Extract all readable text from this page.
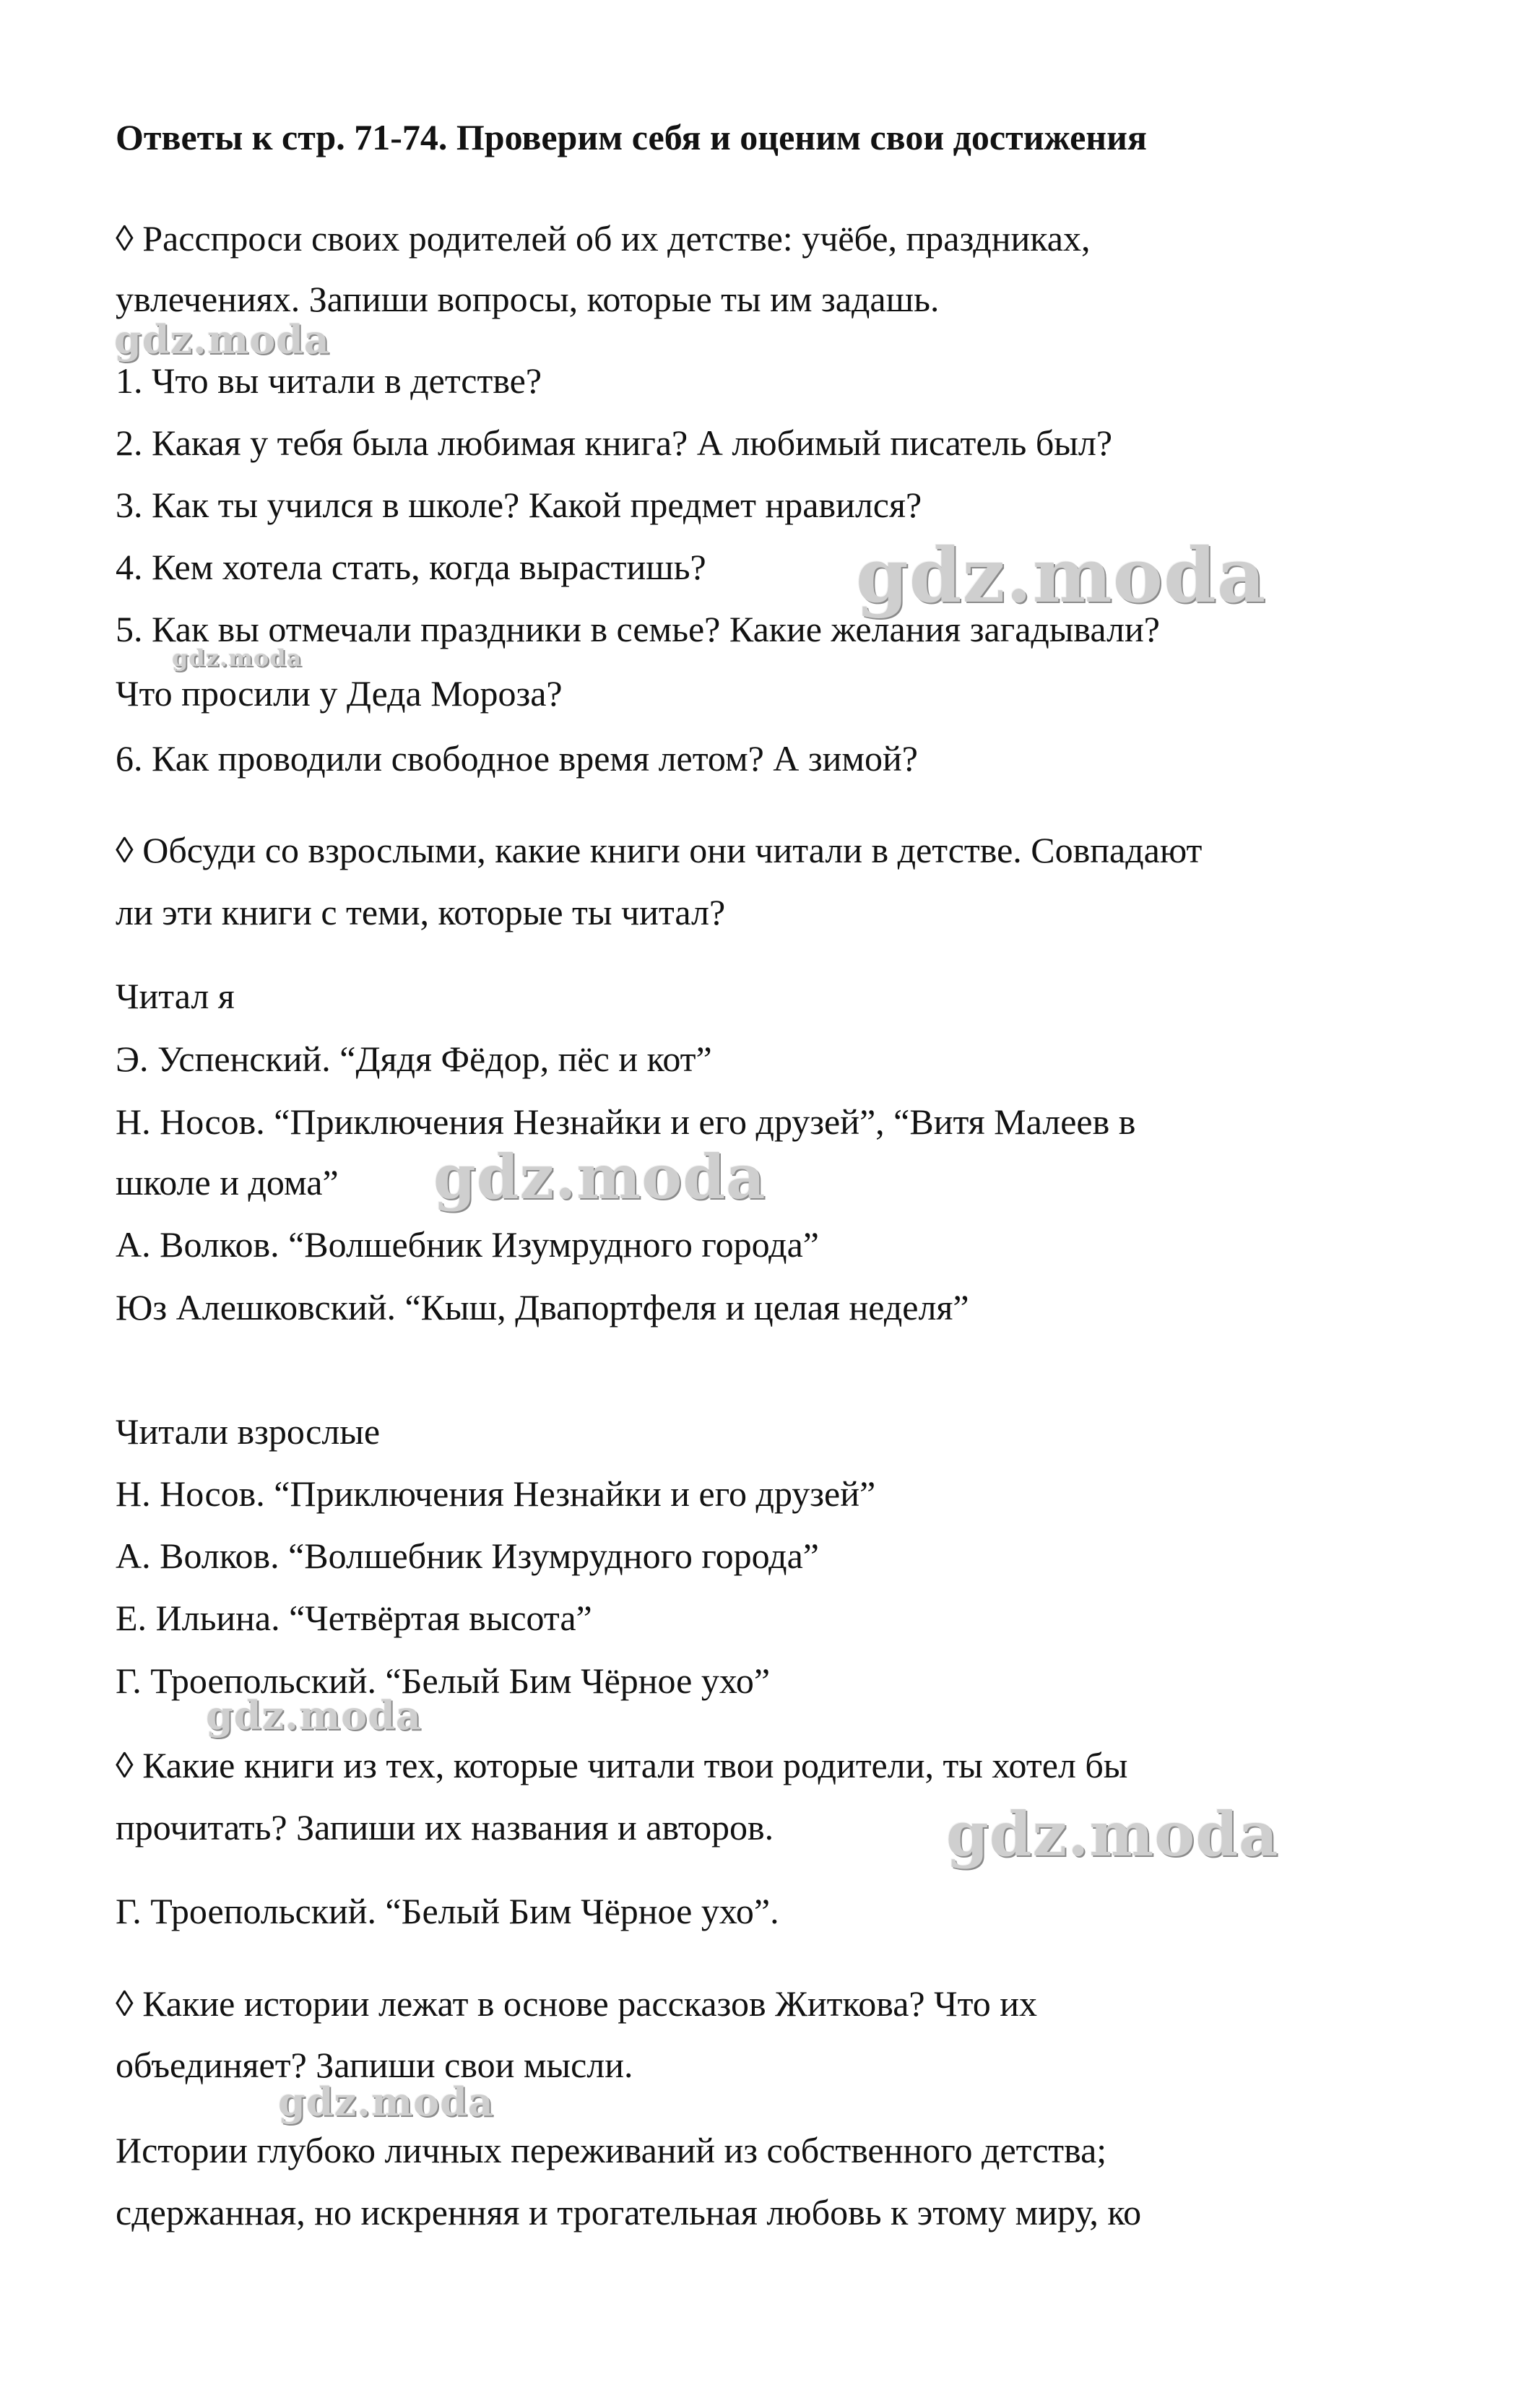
Ответы к стр. 71-74. Проверим себя и оценим свои достижения
◊ Расспроси своих родителей об их детстве: учёбе, праздниках,
увлечениях. Запиши вопросы, которые ты им задашь.
1. Что вы читали в детстве?
2. Какая у тебя была любимая книга? А любимый писатель был?
3. Как ты учился в школе? Какой предмет нравился?
4. Кем хотела стать, когда вырастишь?
5. Как вы отмечали праздники в семье? Какие желания загадывали?
Что просили у Деда Мороза?
6. Как проводили свободное время летом? А зимой?
◊ Обсуди со взрослыми, какие книги они читали в детстве. Совпадают
ли эти книги с теми, которые ты читал?
Читал я
Э. Успенский. “Дядя Фёдор, пёс и кот”
Н. Носов. “Приключения Незнайки и его друзей”, “Витя Малеев в
школе и дома”
А. Волков. “Волшебник Изумрудного города”
Юз Алешковский. “Кыш, Двапортфеля и целая неделя”
Читали взрослые
Н. Носов. “Приключения Незнайки и его друзей”
А. Волков. “Волшебник Изумрудного города”
Е. Ильина. “Четвёртая высота”
Г. Троепольский. “Белый Бим Чёрное ухо”
◊ Какие книги из тех, которые читали твои родители, ты хотел бы
прочитать? Запиши их названия и авторов.
Г. Троепольский. “Белый Бим Чёрное ухо”.
◊ Какие истории лежат в основе рассказов Житкова? Что их
объединяет? Запиши свои мысли.
Истории глубоко личных переживаний из собственного детства;
сдержанная, но искренняя и трогательная любовь к этому миру, ко
gdz.moda
gdz.moda
gdz.moda
gdz.moda
gdz.moda
gdz.moda
gdz.moda
